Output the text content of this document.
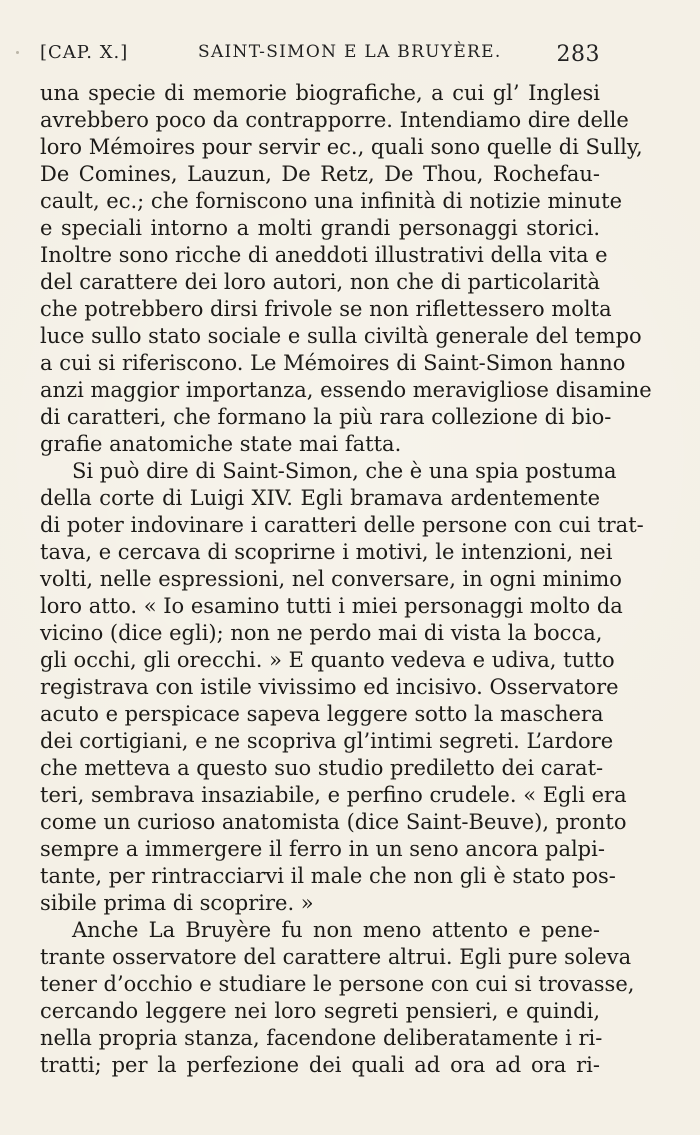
[CAP. X.]	SAINT-SIMON E LA BRUYÈRE. 283
una specie di memorie biografiche, a cui gl’ Inglesi
avrebbero poco da contrapporre. Intendiamo dire delle
loro Mémoires pour servir ec., quali sono quelle di Sully,
De Comines, Lauzun, De Retz, De Thou, Rochefau-
cault, ec.; che forniscono una infinità di notizie minute
e speciali intorno a molti grandi personaggi storici.
Inoltre sono ricche di aneddoti illustrativi della vita e
del carattere dei loro autori, non che di particolarità
che potrebbero dirsi frivole se non riflettessero molta
luce sullo stato sociale e sulla civiltà generale del tempo
a cui si riferiscono. Le Mémoires di Saint-Simon hanno
anzi maggior importanza, essendo meravigliose disamine
di caratteri, che formano la più rara collezione di bio-
grafie anatomiche state mai fatta.
Si può dire di Saint-Simon, che è una spia postuma
della corte di Luigi XIV. Egli bramava ardentemente
di poter indovinare i caratteri delle persone con cui trat-
tava, e cercava di scoprirne i motivi, le intenzioni, nei
volti, nelle espressioni, nel conversare, in ogni minimo
loro atto. « Io esamino tutti i miei personaggi molto da
vicino (dice egli); non ne perdo mai di vista la bocca,
gli occhi, gli orecchi. » E quanto vedeva e udiva, tutto
registrava con istile vivissimo ed incisivo. Osservatore
acuto e perspicace sapeva leggere sotto la maschera
dei cortigiani, e ne scopriva gl’intimi segreti. L’ardore
che metteva a questo suo studio prediletto dei carat-
teri, sembrava insaziabile, e perfino crudele. « Egli era
come un curioso anatomista (dice Saint-Beuve), pronto
sempre a immergere il ferro in un seno ancora palpi-
tante, per rintracciarvi il male che non gli è stato pos-
sibile prima di scoprire. »
Anche La Bruyère fu non meno attento e pene-
trante osservatore del carattere altrui. Egli pure soleva
tener d’occhio e studiare le persone con cui si trovasse,
cercando leggere nei loro segreti pensieri, e quindi,
nella propria stanza, facendone deliberatamente i ri-
tratti; per la perfezione dei quali ad ora ad ora ri-
